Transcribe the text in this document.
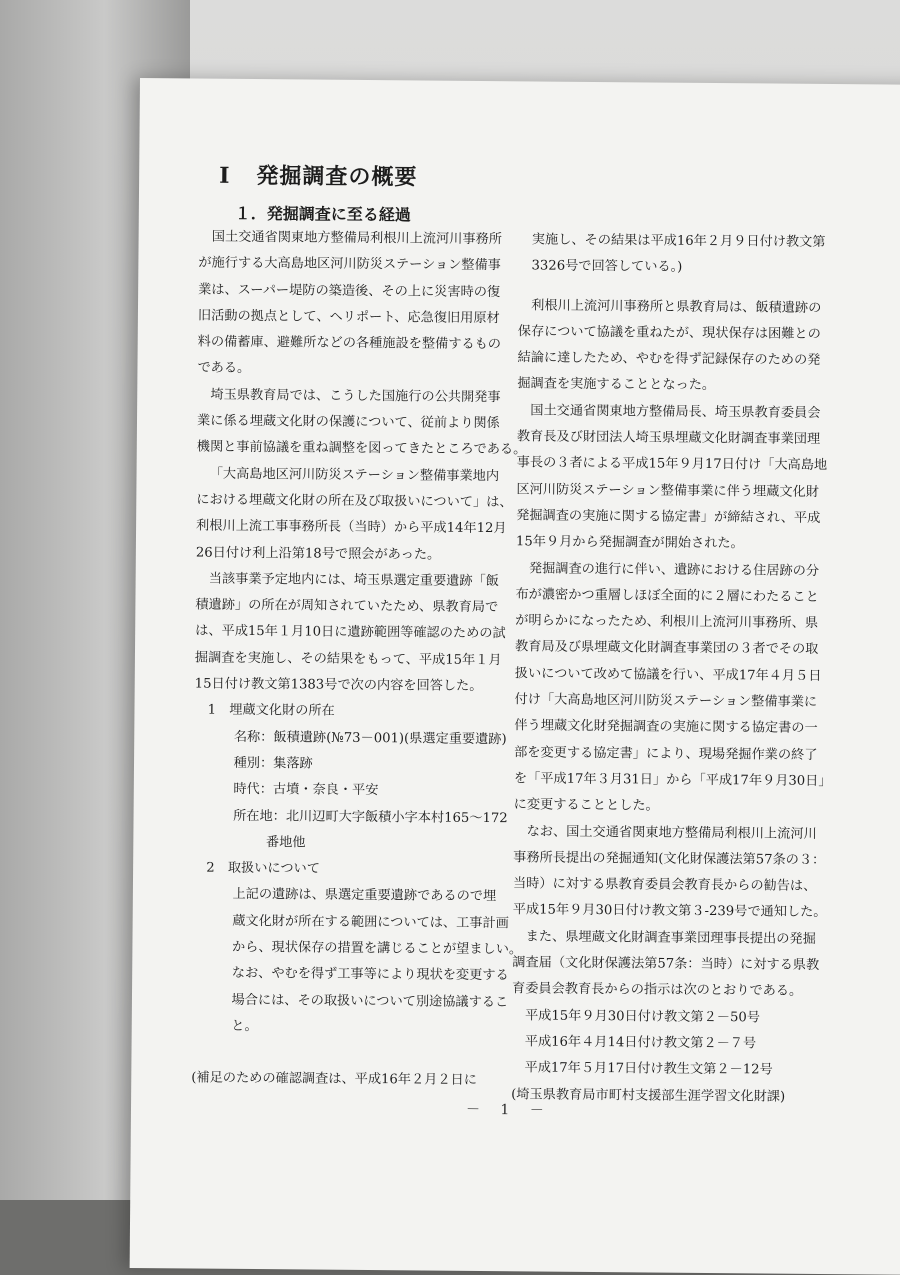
I 発掘調査の概要
１．発掘調査に至る経過

国土交通省関東地方整備局利根川上流河川事務所

が施行する大高島地区河川防災ステーション整備事

業は、スーパー堤防の築造後、その上に災害時の復

旧活動の拠点として、ヘリポート、応急復旧用原材

料の備蓄庫、避難所などの各種施設を整備するもの

である。

埼玉県教育局では、こうした国施行の公共開発事

業に係る埋蔵文化財の保護について、従前より関係

機関と事前協議を重ね調整を図ってきたところである。

「大高島地区河川防災ステーション整備事業地内

における埋蔵文化財の所在及び取扱いについて」は、

利根川上流工事事務所長（当時）から平成14年12月

26日付け利上沿第18号で照会があった。

当該事業予定地内には、埼玉県選定重要遺跡「飯

積遺跡」の所在が周知されていたため、県教育局で

は、平成15年１月10日に遺跡範囲等確認のための試

掘調査を実施し、その結果をもって、平成15年１月

15日付け教文第1383号で次の内容を回答した。

1　埋蔵文化財の所在

名称：飯積遺跡(№73－001)(県選定重要遺跡)

種別：集落跡

時代：古墳・奈良・平安

所在地：北川辺町大字飯積小字本村165～172

番地他

2　取扱いについて

上記の遺跡は、県選定重要遺跡であるので埋

蔵文化財が所在する範囲については、工事計画

から、現状保存の措置を講じることが望ましい。

なお、やむを得ず工事等により現状を変更する

場合には、その取扱いについて別途協議するこ

と。

(補足のための確認調査は、平成16年２月２日に

実施し、その結果は平成16年２月９日付け教文第

3326号で回答している。)

利根川上流河川事務所と県教育局は、飯積遺跡の

保存について協議を重ねたが、現状保存は困難との

結論に達したため、やむを得ず記録保存のための発

掘調査を実施することとなった。

国土交通省関東地方整備局長、埼玉県教育委員会

教育長及び財団法人埼玉県埋蔵文化財調査事業団理

事長の３者による平成15年９月17日付け「大高島地

区河川防災ステーション整備事業に伴う埋蔵文化財

発掘調査の実施に関する協定書」が締結され、平成

15年９月から発掘調査が開始された。

発掘調査の進行に伴い、遺跡における住居跡の分

布が濃密かつ重層しほぼ全面的に２層にわたること

が明らかになったため、利根川上流河川事務所、県

教育局及び県埋蔵文化財調査事業団の３者でその取

扱いについて改めて協議を行い、平成17年４月５日

付け「大高島地区河川防災ステーション整備事業に

伴う埋蔵文化財発掘調査の実施に関する協定書の一

部を変更する協定書」により、現場発掘作業の終了

を「平成17年３月31日」から「平成17年９月30日」

に変更することとした。

なお、国土交通省関東地方整備局利根川上流河川

事務所長提出の発掘通知(文化財保護法第57条の３：

当時）に対する県教育委員会教育長からの勧告は、

平成15年９月30日付け教文第３-239号で通知した。

また、県埋蔵文化財調査事業団理事長提出の発掘

調査届（文化財保護法第57条：当時）に対する県教

育委員会教育長からの指示は次のとおりである。

平成15年９月30日付け教文第２－50号

平成16年４月14日付け教文第２－７号

平成17年５月17日付け教生文第２－12号

(埼玉県教育局市町村支援部生涯学習文化財課)

－ 1 －
